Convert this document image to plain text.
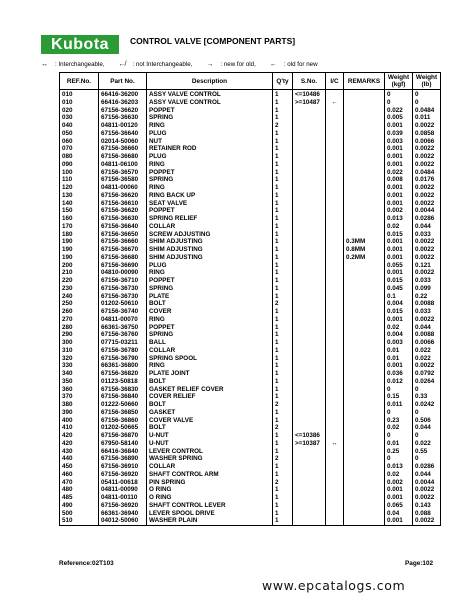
Kubota	CONTROL VALVE [COMPONENT PARTS]
↔ : Interchangeable, ↚ : not Interchangeable, → : new for old, ← : old for new
REF.No.	Part No.	Description	Q'ty	S.No.	I/C	REMARKS	Weight (kgf)	Weight (lb)
010	66416-36200	ASSY VALVE CONTROL	1	<=10486			0	0
010	66416-36203	ASSY VALVE CONTROL	1	>=10487	←		0	0
020	67156-36620	POPPET	1				0.022	0.0484
030	67156-36630	SPRING	1				0.005	0.011
040	04811-00120	RING	2				0.001	0.0022
050	67156-36640	PLUG	1				0.039	0.0858
060	02014-50060	NUT	1				0.003	0.0066
070	67156-36660	RETAINER ROD	1				0.001	0.0022
080	67156-36680	PLUG	1				0.001	0.0022
090	04811-06100	RING	1				0.001	0.0022
100	67156-36570	POPPET	1				0.022	0.0484
110	67156-36580	SPRING	1				0.008	0.0176
120	04811-00060	RING	1				0.001	0.0022
130	67156-36620	RING BACK UP	1				0.001	0.0022
140	67156-36610	SEAT VALVE	1				0.001	0.0022
150	67156-36620	POPPET	1				0.002	0.0044
160	67156-36630	SPRING RELIEF	1				0.013	0.0286
170	67156-36640	COLLAR	1				0.02	0.044
180	67156-36650	SCREW ADJUSTING	1				0.015	0.033
190	67156-36660	SHIM ADJUSTING	1			0.3MM	0.001	0.0022
190	67156-36670	SHIM ADJUSTING	1			0.8MM	0.001	0.0022
190	67156-36680	SHIM ADJUSTING	1			0.2MM	0.001	0.0022
200	67156-36690	PLUG	1				0.055	0.121
210	04810-00090	RING	1				0.001	0.0022
220	67156-36710	POPPET	1				0.015	0.033
230	67156-36730	SPRING	1				0.045	0.099
240	67156-36730	PLATE	1				0.1	0.22
250	01202-50610	BOLT	2				0.004	0.0088
260	67156-36740	COVER	1				0.015	0.033
270	04811-00070	RING	1				0.001	0.0022
280	66361-36750	POPPET	1				0.02	0.044
290	67156-36760	SPRING	1				0.004	0.0088
300	07715-03211	BALL	1				0.003	0.0066
310	67156-36780	COLLAR	1				0.01	0.022
320	67156-36790	SPRING SPOOL	1				0.01	0.022
330	66361-36800	RING	1				0.001	0.0022
340	67156-36820	PLATE JOINT	1				0.036	0.0792
350	01123-50818	BOLT	1				0.012	0.0264
360	67156-36830	GASKET RELIEF COVER	1				0	0
370	67156-36840	COVER RELIEF	1				0.15	0.33
380	01222-50660	BOLT	2				0.011	0.0242
390	67156-36850	GASKET	1				0	0
400	67156-36860	COVER VALVE	1				0.23	0.506
410	01202-50665	BOLT	2				0.02	0.044
420	67156-36870	U-NUT	1	<=10386			0	0
420	67950-58140	U-NUT	1	>=10387	↔		0.01	0.022
430	66416-36840	LEVER CONTROL	1				0.25	0.55
440	67156-36890	WASHER SPRING	2				0	0
450	67156-36910	COLLAR	1				0.013	0.0286
460	67156-36920	SHAFT CONTROL ARM	1				0.02	0.044
470	05411-00618	PIN SPRING	2				0.002	0.0044
480	04811-00090	O RING	1				0.001	0.0022
485	04811-00110	O RING	1				0.001	0.0022
490	67156-36920	SHAFT CONTROL LEVER	1				0.065	0.143
500	66361-36940	LEVER SPOOL DRIVE	1				0.04	0.088
510	04012-50060	WASHER PLAIN	1				0.001	0.0022
Reference:02T103	Page:102
www.epcatalogs.com
